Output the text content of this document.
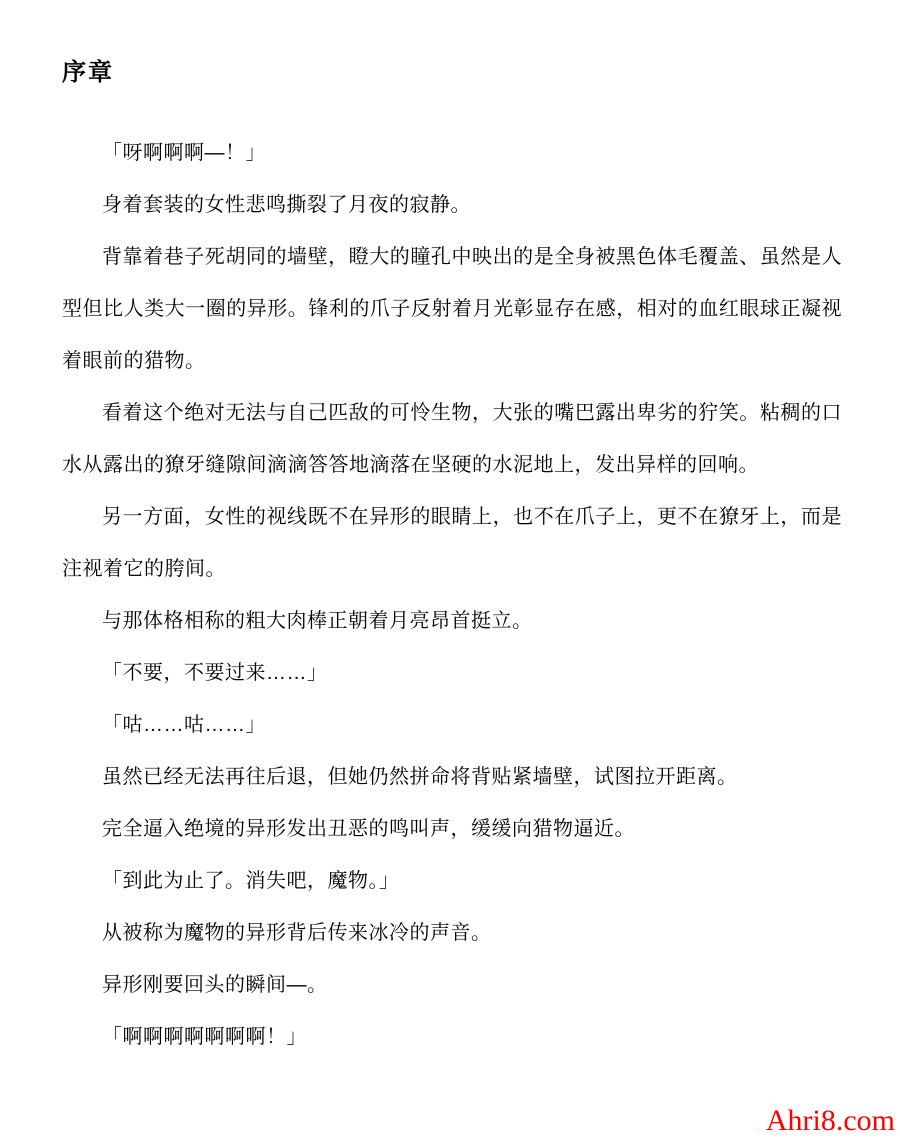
序章

「呀啊啊啊—！」

身着套装的女性悲鸣撕裂了月夜的寂静。

背靠着巷子死胡同的墙壁，瞪大的瞳孔中映出的是全身被黑色体毛覆盖、虽然是人型但比人类大一圈的异形。锋利的爪子反射着月光彰显存在感，相对的血红眼球正凝视着眼前的猎物。

看着这个绝对无法与自己匹敌的可怜生物，大张的嘴巴露出卑劣的狞笑。粘稠的口水从露出的獠牙缝隙间滴滴答答地滴落在坚硬的水泥地上，发出异样的回响。

另一方面，女性的视线既不在异形的眼睛上，也不在爪子上，更不在獠牙上，而是注视着它的胯间。

与那体格相称的粗大肉棒正朝着月亮昂首挺立。

「不要，不要过来……」

「咕……咕……」

虽然已经无法再往后退，但她仍然拼命将背贴紧墙壁，试图拉开距离。

完全逼入绝境的异形发出丑恶的鸣叫声，缓缓向猎物逼近。

「到此为止了。消失吧，魔物。」

从被称为魔物的异形背后传来冰冷的声音。

异形刚要回头的瞬间—。

「啊啊啊啊啊啊啊！」

Ahri8.com
